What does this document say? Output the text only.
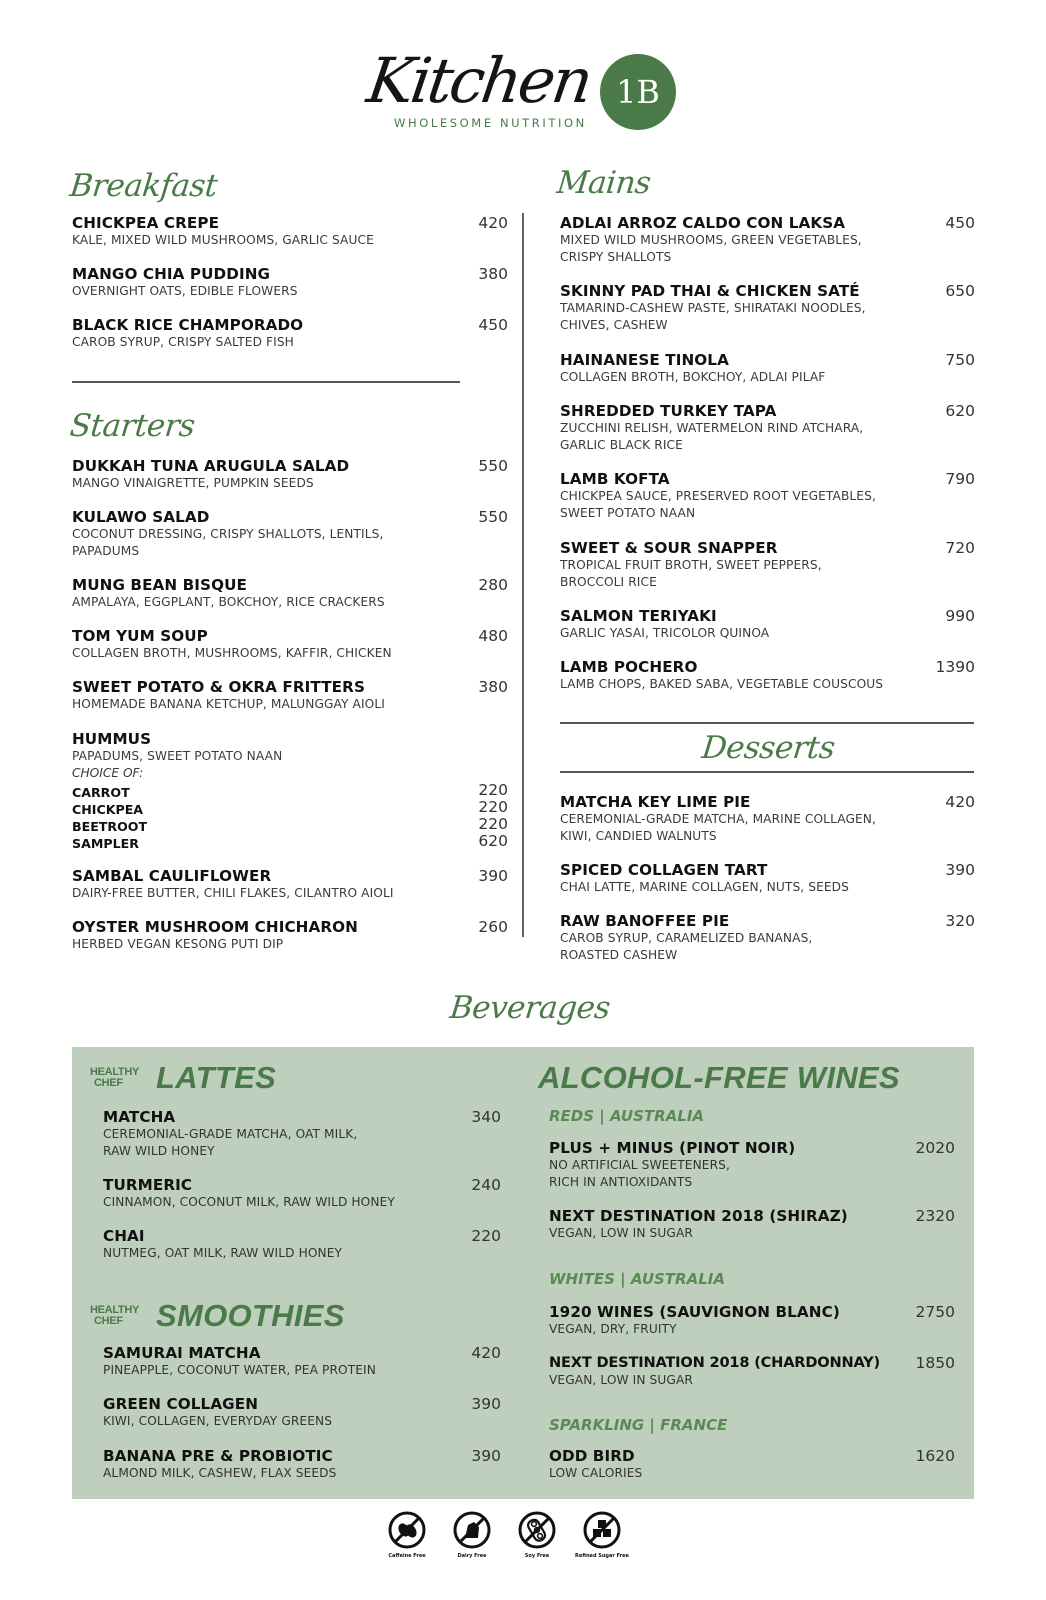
Kitchen 1B
WHOLESOME NUTRITION
Breakfast
CHICKPEA CREPE
KALE, MIXED WILD MUSHROOMS, GARLIC SAUCE
420
MANGO CHIA PUDDING
OVERNIGHT OATS, EDIBLE FLOWERS
380
BLACK RICE CHAMPORADO
CAROB SYRUP, CRISPY SALTED FISH
450
Starters
DUKKAH TUNA ARUGULA SALAD
MANGO VINAIGRETTE, PUMPKIN SEEDS
550
KULAWO SALAD
COCONUT DRESSING, CRISPY SHALLOTS, LENTILS,
PAPADUMS
550
MUNG BEAN BISQUE
AMPALAYA, EGGPLANT, BOKCHOY, RICE CRACKERS
280
TOM YUM SOUP
COLLAGEN BROTH, MUSHROOMS, KAFFIR, CHICKEN
480
SWEET POTATO & OKRA FRITTERS
HOMEMADE BANANA KETCHUP, MALUNGGAY AIOLI
380
HUMMUS
PAPADUMS, SWEET POTATO NAAN
CHOICE OF:
CARROT	220
CHICKPEA	220
BEETROOT	220
SAMPLER	620
SAMBAL CAULIFLOWER
DAIRY-FREE BUTTER, CHILI FLAKES, CILANTRO AIOLI
390
OYSTER MUSHROOM CHICHARON
HERBED VEGAN KESONG PUTI DIP
260
Mains
ADLAI ARROZ CALDO CON LAKSA
MIXED WILD MUSHROOMS, GREEN VEGETABLES,
CRISPY SHALLOTS
450
SKINNY PAD THAI & CHICKEN SATÉ
TAMARIND-CASHEW PASTE, SHIRATAKI NOODLES,
CHIVES, CASHEW
650
HAINANESE TINOLA
COLLAGEN BROTH, BOKCHOY, ADLAI PILAF
750
SHREDDED TURKEY TAPA
ZUCCHINI RELISH, WATERMELON RIND ATCHARA,
GARLIC BLACK RICE
620
LAMB KOFTA
CHICKPEA SAUCE, PRESERVED ROOT VEGETABLES,
SWEET POTATO NAAN
790
SWEET & SOUR SNAPPER
TROPICAL FRUIT BROTH, SWEET PEPPERS,
BROCCOLI RICE
720
SALMON TERIYAKI
GARLIC YASAI, TRICOLOR QUINOA
990
LAMB POCHERO
LAMB CHOPS, BAKED SABA, VEGETABLE COUSCOUS
1390
Desserts
MATCHA KEY LIME PIE
CEREMONIAL-GRADE MATCHA, MARINE COLLAGEN,
KIWI, CANDIED WALNUTS
420
SPICED COLLAGEN TART
CHAI LATTE, MARINE COLLAGEN, NUTS, SEEDS
390
RAW BANOFFEE PIE
CAROB SYRUP, CARAMELIZED BANANAS,
ROASTED CASHEW
320
Beverages
HEALTHY
CHEF	LATTES
MATCHA
CEREMONIAL-GRADE MATCHA, OAT MILK,
RAW WILD HONEY
340
TURMERIC
CINNAMON, COCONUT MILK, RAW WILD HONEY
240
CHAI
NUTMEG, OAT MILK, RAW WILD HONEY
220
HEALTHY
CHEF	SMOOTHIES
SAMURAI MATCHA
PINEAPPLE, COCONUT WATER, PEA PROTEIN
420
GREEN COLLAGEN
KIWI, COLLAGEN, EVERYDAY GREENS
390
BANANA PRE & PROBIOTIC
ALMOND MILK, CASHEW, FLAX SEEDS
390
ALCOHOL-FREE WINES
REDS | AUSTRALIA
PLUS + MINUS (PINOT NOIR)
NO ARTIFICIAL SWEETENERS,
RICH IN ANTIOXIDANTS
2020
NEXT DESTINATION 2018 (SHIRAZ)
VEGAN, LOW IN SUGAR
2320
WHITES | AUSTRALIA
1920 WINES (SAUVIGNON BLANC)
VEGAN, DRY, FRUITY
2750
NEXT DESTINATION 2018 (CHARDONNAY)
VEGAN, LOW IN SUGAR
1850
SPARKLING | FRANCE
ODD BIRD
LOW CALORIES
1620
Caffeine Free	Dairy Free	Soy Free	Refined Sugar Free
